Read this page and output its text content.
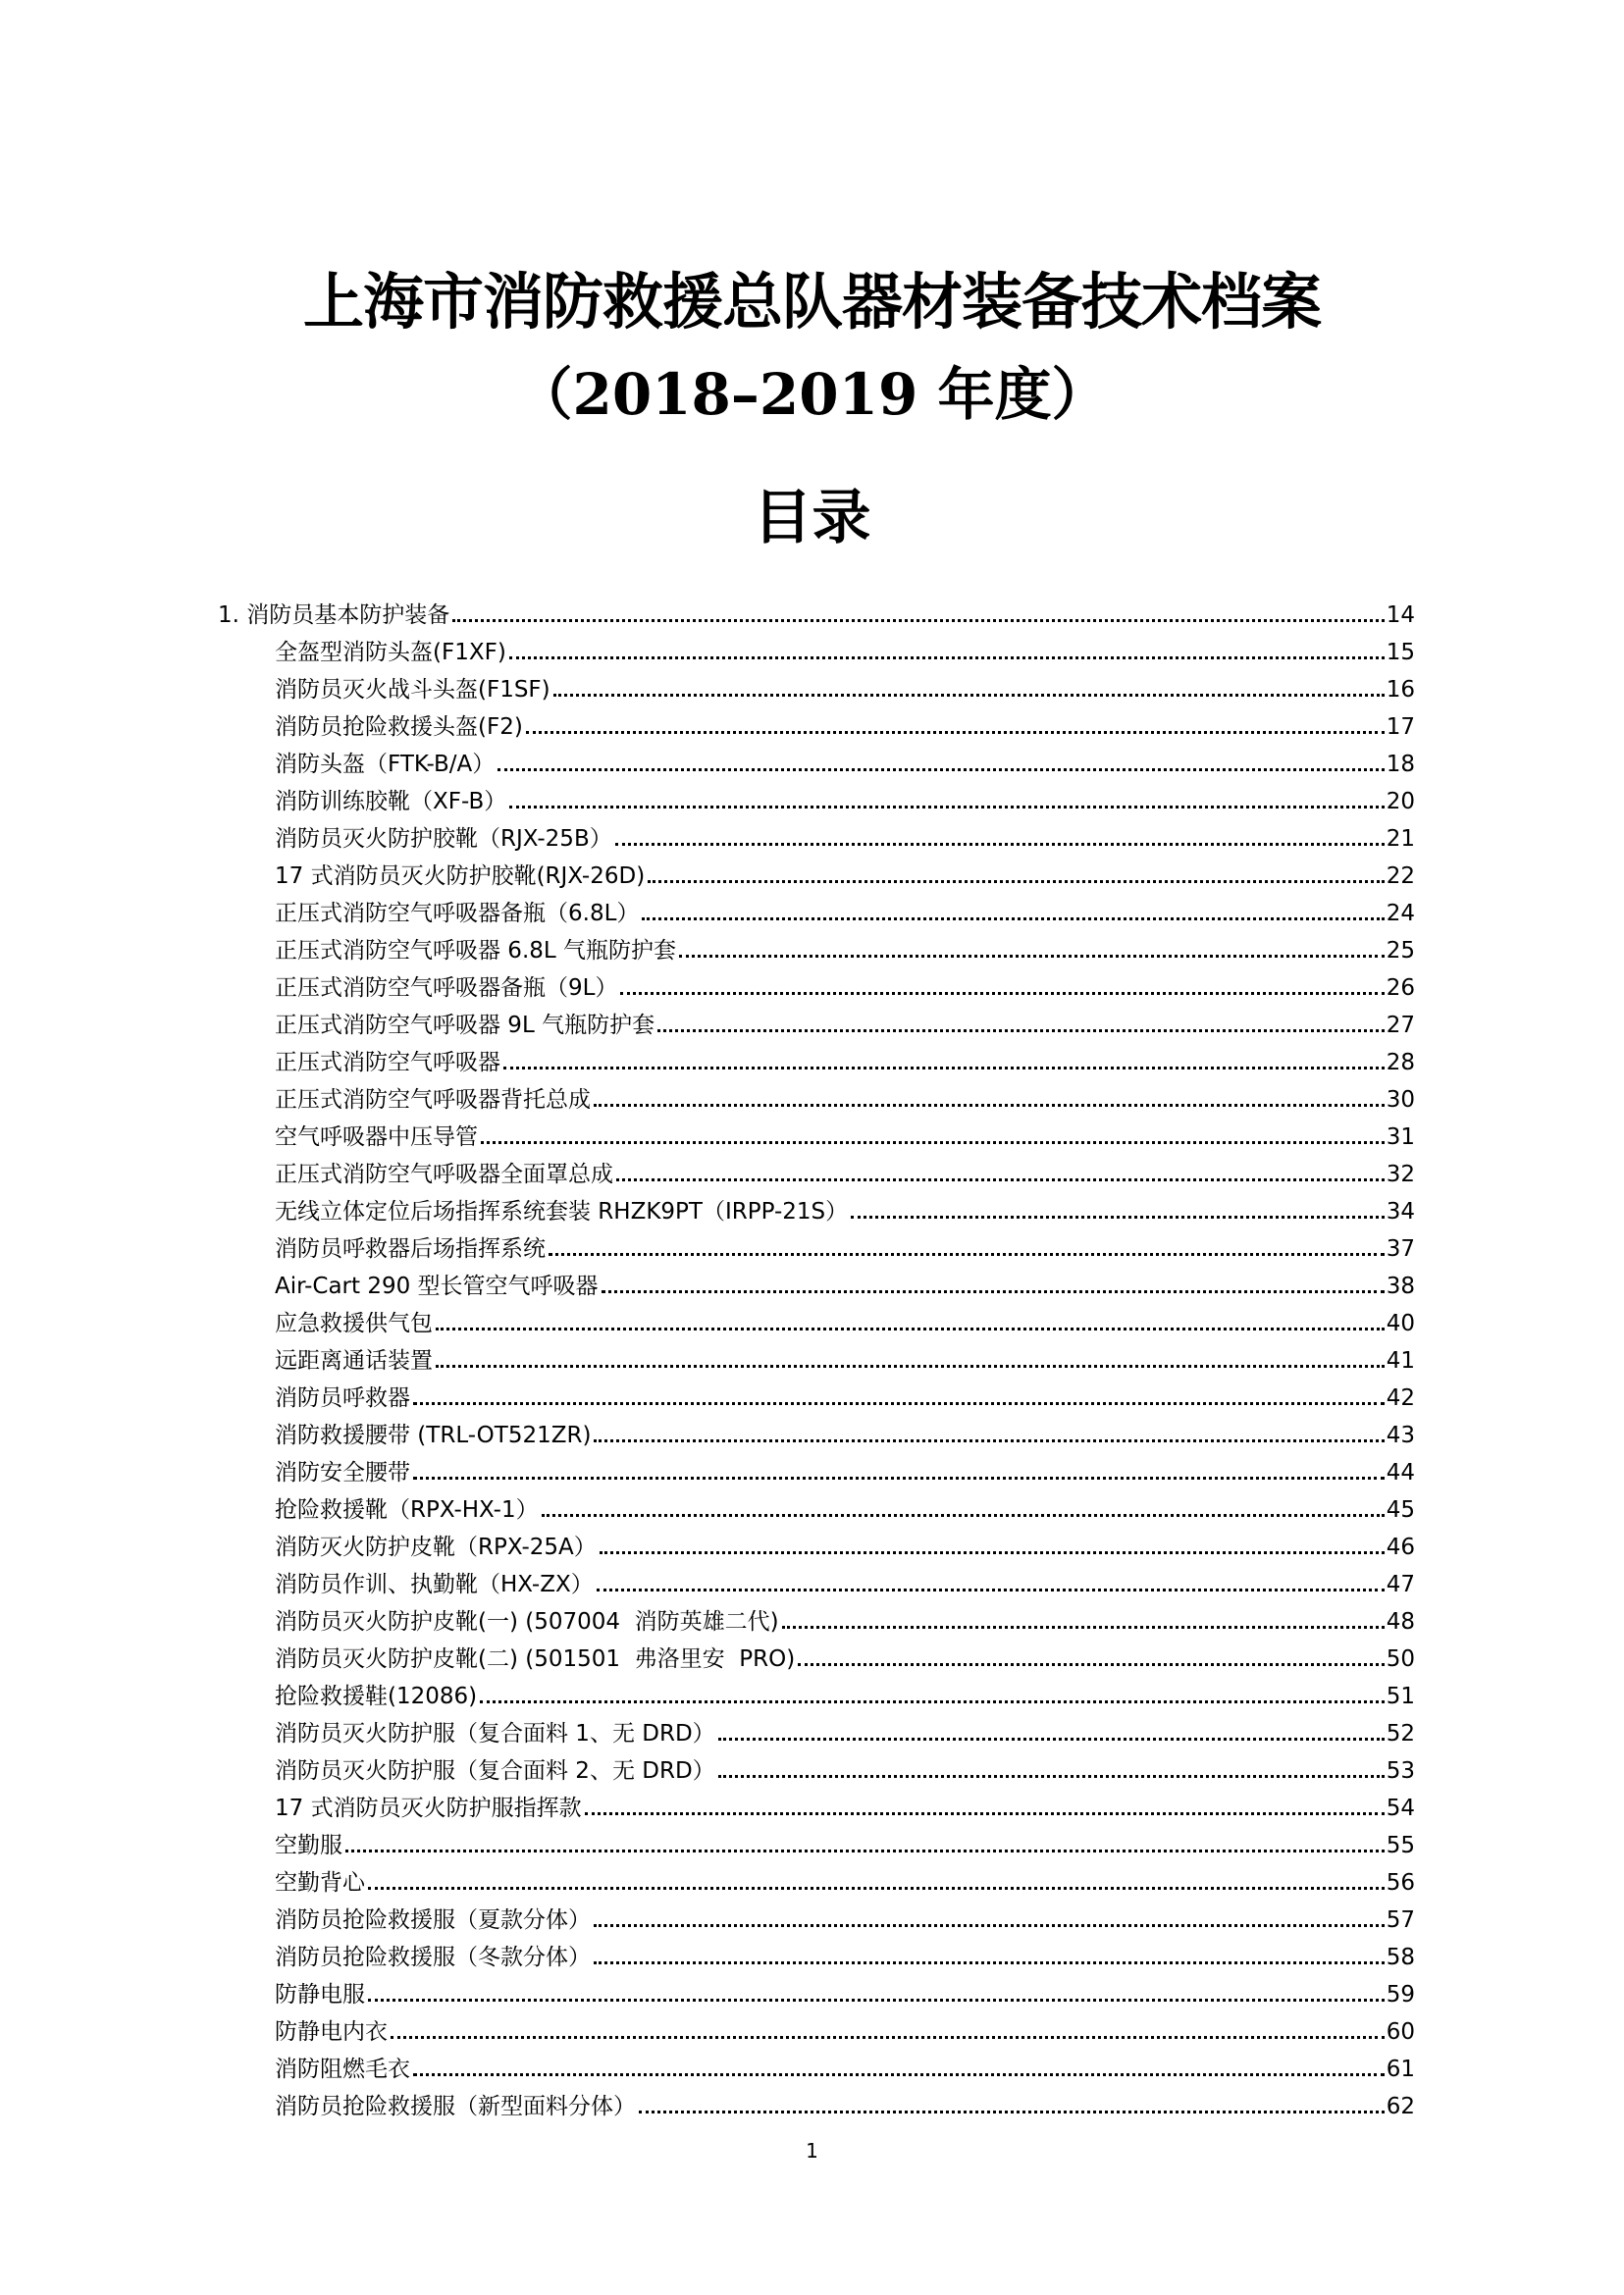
上海市消防救援总队器材装备技术档案
（2018–2019 年度）
目录
1. 消防员基本防护装备	14
全盔型消防头盔(F1XF)	15
消防员灭火战斗头盔(F1SF)	16
消防员抢险救援头盔(F2)	17
消防头盔（FTK-B/A）	18
消防训练胶靴（XF-B）	20
消防员灭火防护胶靴（RJX-25B）	21
17 式消防员灭火防护胶靴(RJX-26D)	22
正压式消防空气呼吸器备瓶（6.8L）	24
正压式消防空气呼吸器 6.8L 气瓶防护套	25
正压式消防空气呼吸器备瓶（9L）	26
正压式消防空气呼吸器 9L 气瓶防护套	27
正压式消防空气呼吸器	28
正压式消防空气呼吸器背托总成	30
空气呼吸器中压导管	31
正压式消防空气呼吸器全面罩总成	32
无线立体定位后场指挥系统套装 RHZK9PT（IRPP-21S）	34
消防员呼救器后场指挥系统	37
Air-Cart 290 型长管空气呼吸器	38
应急救援供气包	40
远距离通话装置	41
消防员呼救器	42
消防救援腰带 (TRL-OT521ZR)	43
消防安全腰带	44
抢险救援靴（RPX-HX-1）	45
消防灭火防护皮靴（RPX-25A）	46
消防员作训、执勤靴（HX-ZX）	47
消防员灭火防护皮靴(一) (507004  消防英雄二代)	48
消防员灭火防护皮靴(二) (501501  弗洛里安  PRO)	50
抢险救援鞋(12086)	51
消防员灭火防护服（复合面料 1、无 DRD）	52
消防员灭火防护服（复合面料 2、无 DRD）	53
17 式消防员灭火防护服指挥款	54
空勤服	55
空勤背心	56
消防员抢险救援服（夏款分体）	57
消防员抢险救援服（冬款分体）	58
防静电服	59
防静电内衣	60
消防阻燃毛衣	61
消防员抢险救援服（新型面料分体）	62
1
